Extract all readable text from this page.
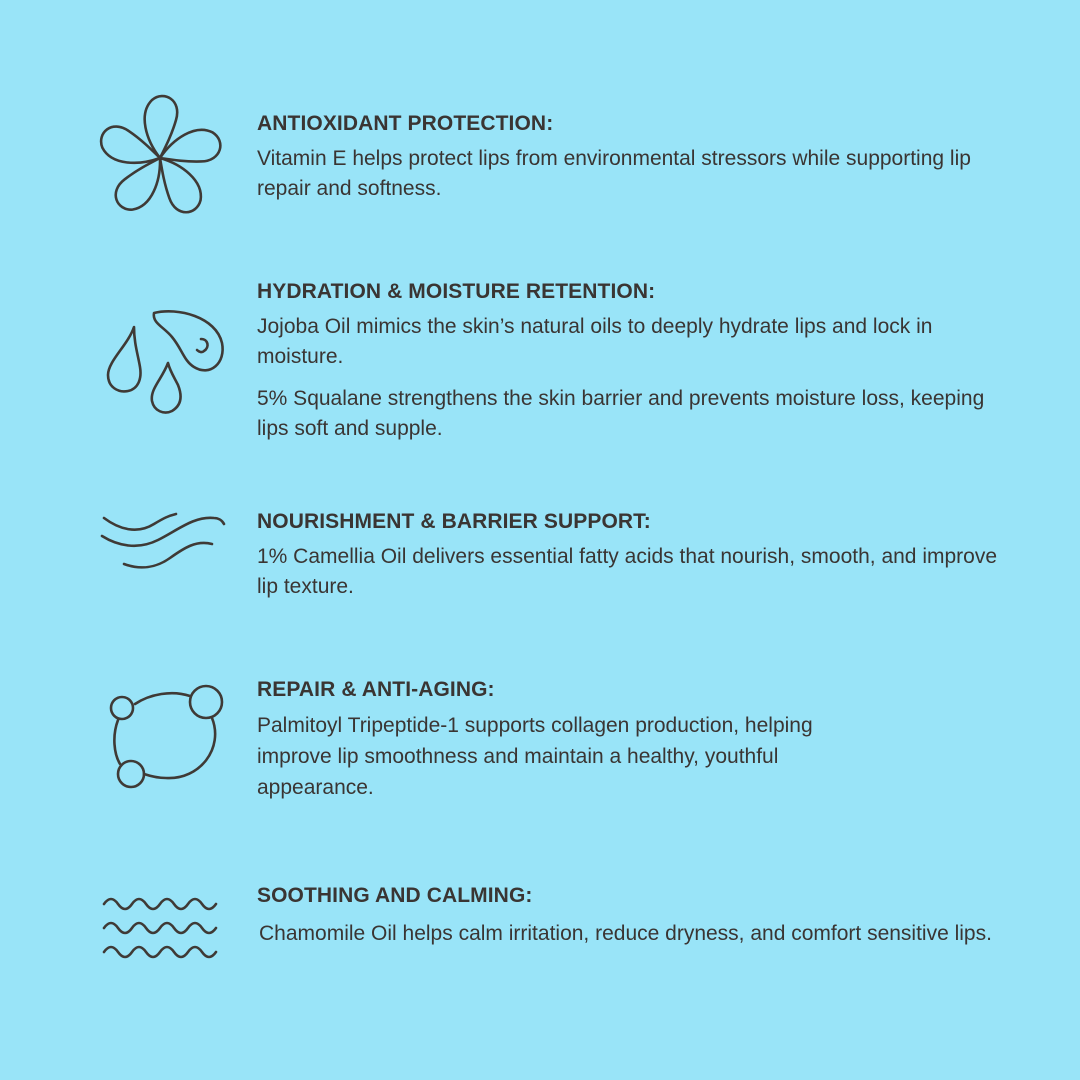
ANTIOXIDANT PROTECTION:

Vitamin E helps protect lips from environmental stressors while supporting lip repair and softness.

HYDRATION & MOISTURE RETENTION:

Jojoba Oil mimics the skin’s natural oils to deeply hydrate lips and lock in moisture.

5% Squalane strengthens the skin barrier and prevents moisture loss, keeping lips soft and supple.

NOURISHMENT & BARRIER SUPPORT:

1% Camellia Oil delivers essential fatty acids that nourish, smooth, and improve lip texture.

REPAIR & ANTI-AGING:

Palmitoyl Tripeptide-1 supports collagen production, helping improve lip smoothness and maintain a healthy, youthful appearance.

SOOTHING AND CALMING:

Chamomile Oil helps calm irritation, reduce dryness, and comfort sensitive lips.
